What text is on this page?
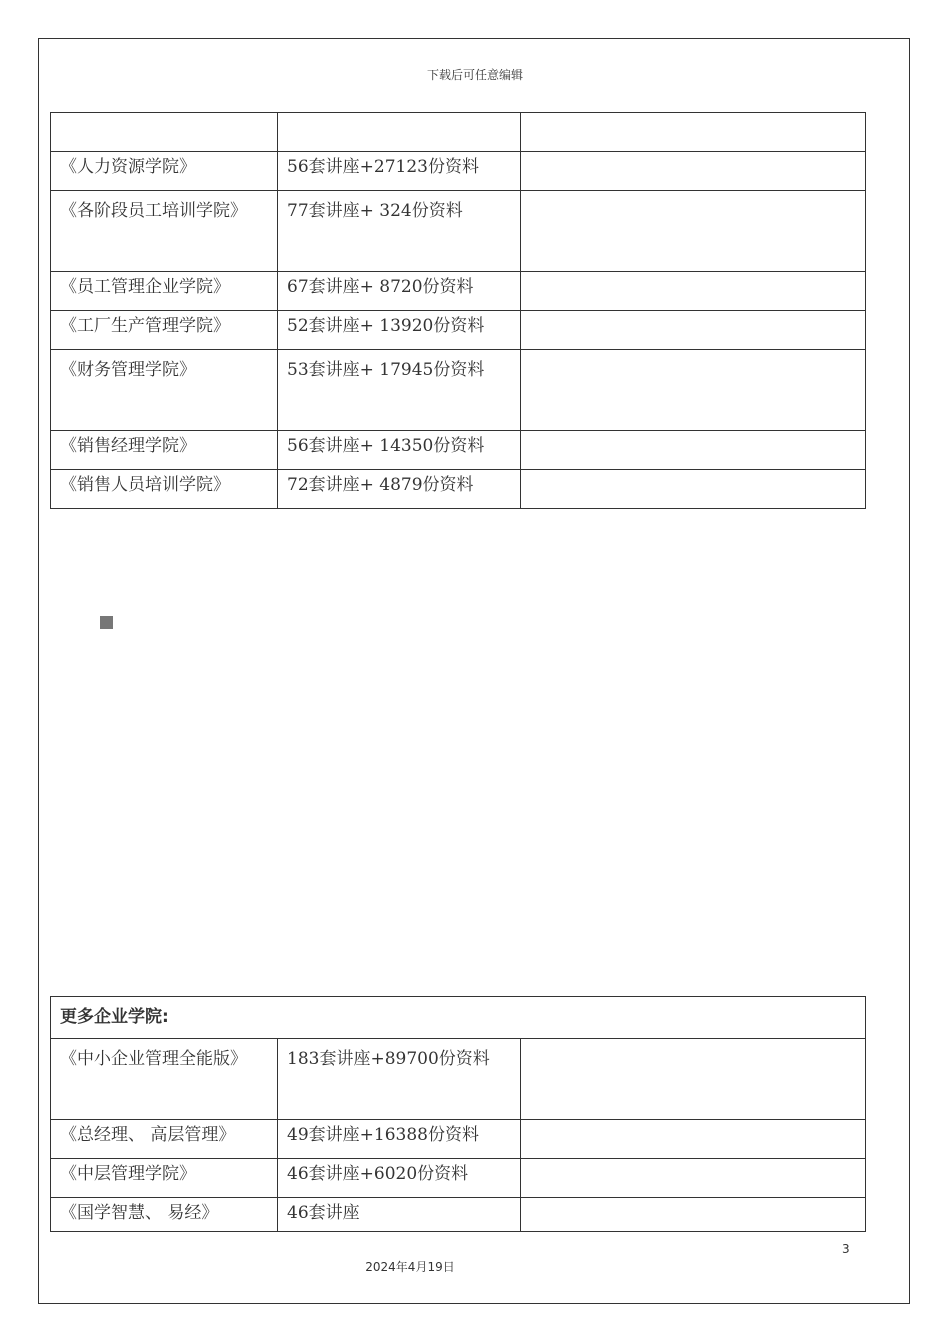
下载后可任意编辑

《人力资源学院》	56套讲座+27123份资料	
《各阶段员工培训学院》	77套讲座+ 324份资料	
《员工管理企业学院》	67套讲座+ 8720份资料	
《工厂生产管理学院》	52套讲座+ 13920份资料	
《财务管理学院》	53套讲座+ 17945份资料	
《销售经理学院》	56套讲座+ 14350份资料	
《销售人员培训学院》	72套讲座+ 4879份资料	
更多企业学院:		
《中小企业管理全能版》	183套讲座+89700份资料	
《总经理、 高层管理》	49套讲座+16388份资料	
《中层管理学院》	46套讲座+6020份资料	
《国学智慧、 易经》	46套讲座	
3
2024年4月19日
